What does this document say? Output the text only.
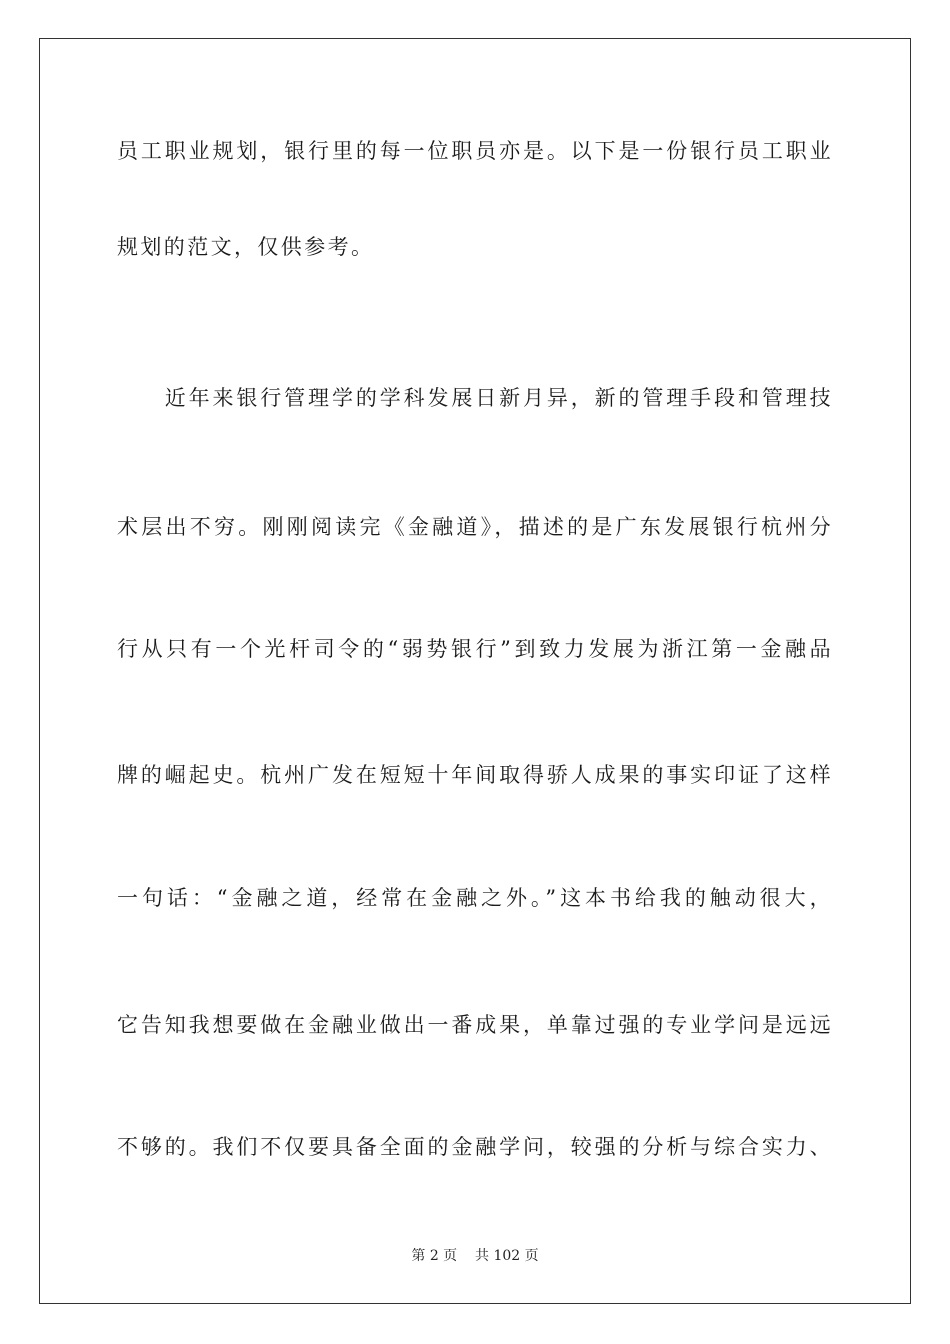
员工职业规划，银行里的每一位职员亦是。以下是一份银行员工职业
规划的范文，仅供参考。
　　近年来银行管理学的学科发展日新月异，新的管理手段和管理技
术层出不穷。刚刚阅读完《金融道》，描述的是广东发展银行杭州分
行从只有一个光杆司令的“弱势银行”到致力发展为浙江第一金融品
牌的崛起史。杭州广发在短短十年间取得骄人成果的事实印证了这样
一句话：“金融之道，经常在金融之外。”这本书给我的触动很大，
它告知我想要做在金融业做出一番成果，单靠过强的专业学问是远远
不够的。我们不仅要具备全面的金融学问，较强的分析与综合实力、
第 2 页 共 102 页
